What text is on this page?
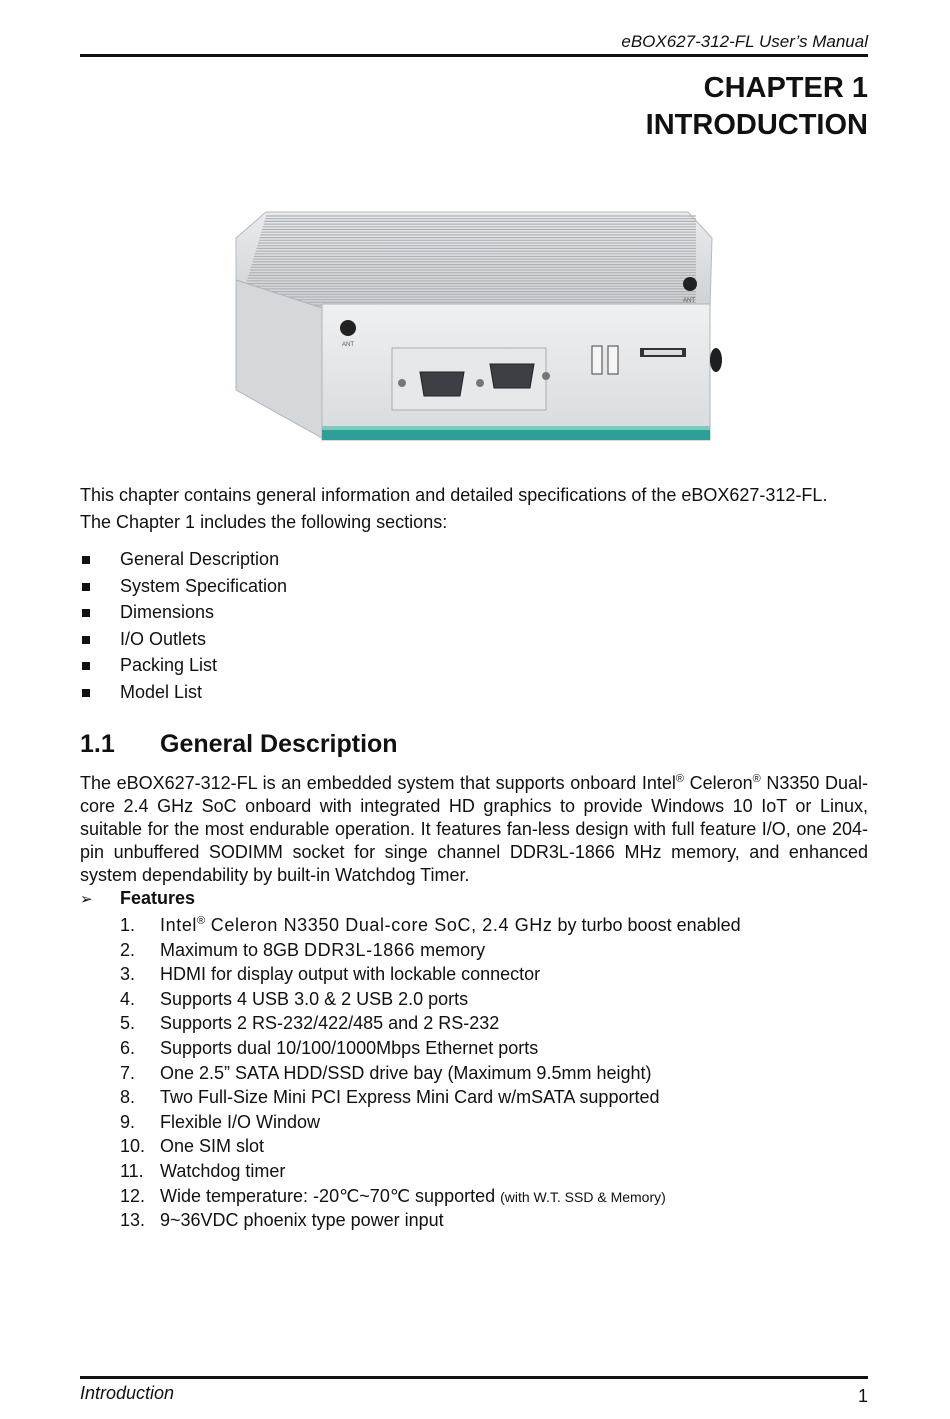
eBOX627-312-FL User’s Manual
CHAPTER 1
INTRODUCTION
ANT
ANT
This chapter contains general information and detailed specifications of the eBOX627-312-FL.
The Chapter 1 includes the following sections:
General Description
System Specification
Dimensions
I/O Outlets
Packing List
Model List
1.1 General Description

The eBOX627-312-FL is an embedded system that supports onboard Intel® Celeron® N3350 Dual-core 2.4 GHz SoC onboard with integrated HD graphics to provide Windows 10 IoT or Linux, suitable for the most endurable operation. It features fan-less design with full feature I/O, one 204-pin unbuffered SODIMM socket for singe channel DDR3L-1866 MHz memory, and enhanced system dependability by built-in Watchdog Timer.

➢ Features
1. Intel® Celeron N3350 Dual-core SoC, 2.4 GHz by turbo boost enabled
2. Maximum to 8GB DDR3L-1866 memory
3. HDMI for display output with lockable connector
4. Supports 4 USB 3.0 & 2 USB 2.0 ports
5. Supports 2 RS-232/422/485 and 2 RS-232
6. Supports dual 10/100/1000Mbps Ethernet ports
7. One 2.5” SATA HDD/SSD drive bay (Maximum 9.5mm height)
8. Two Full-Size Mini PCI Express Mini Card w/mSATA supported
9. Flexible I/O Window
10. One SIM slot
11. Watchdog timer
12. Wide temperature: -20℃~70℃ supported (with W.T. SSD & Memory)
13. 9~36VDC phoenix type power input
Introduction	1
